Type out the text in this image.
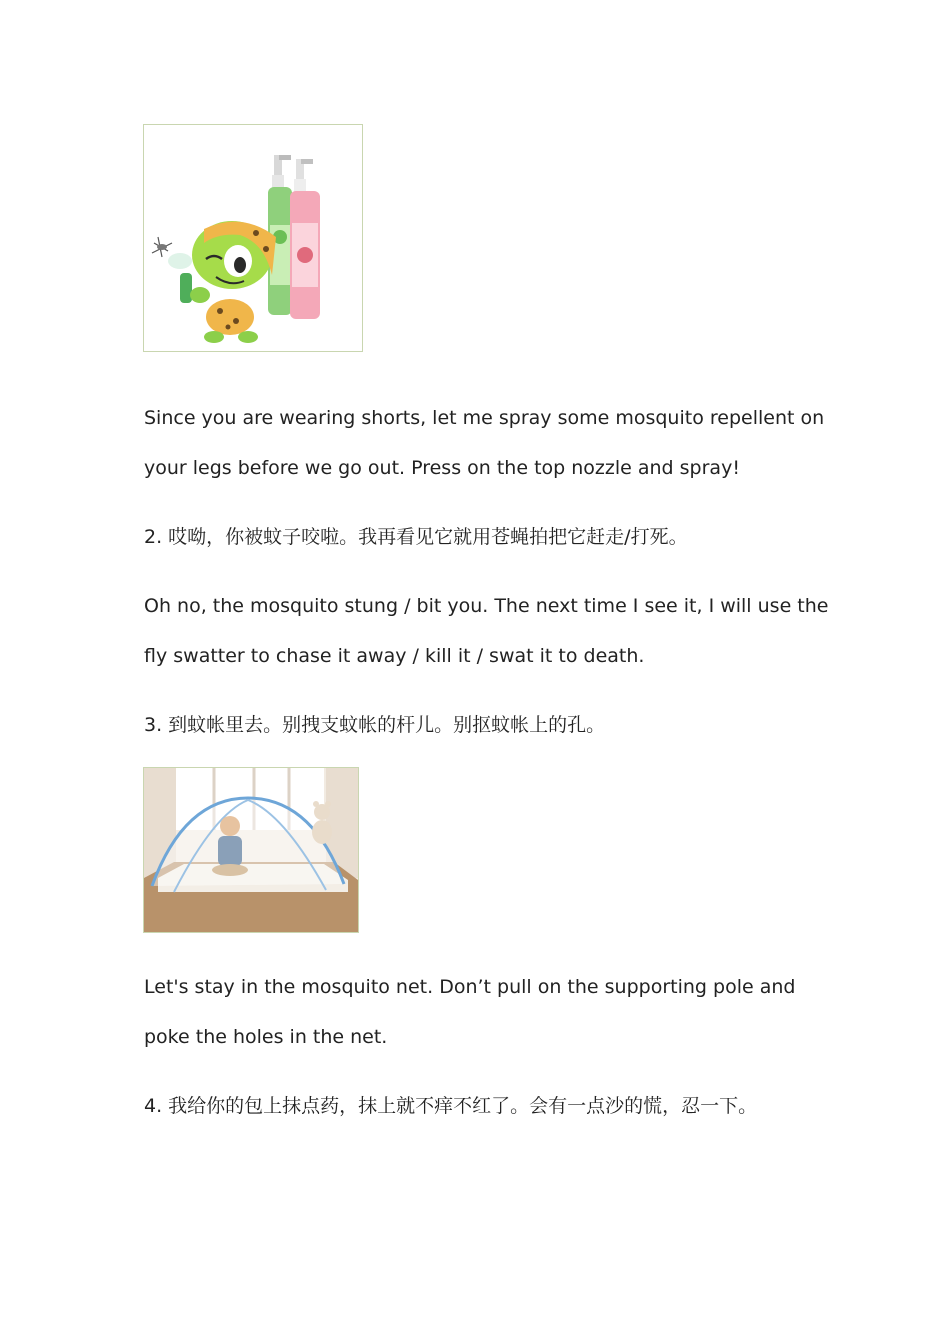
Since you are wearing shorts, let me spray some mosquito repellent on
your legs before we go out. Press on the top nozzle and spray!
2. 哎呦，你被蚊子咬啦。我再看见它就用苍蝇拍把它赶走/打死。
Oh no, the mosquito stung / bit you. The next time I see it, I will use the
fly swatter to chase it away / kill it / swat it to death.
3. 到蚊帐里去。别拽支蚊帐的杆儿。别抠蚊帐上的孔。
Let's stay in the mosquito net. Don’t pull on the supporting pole and
poke the holes in the net.
4. 我给你的包上抹点药，抹上就不痒不红了。会有一点沙的慌，忍一下。
